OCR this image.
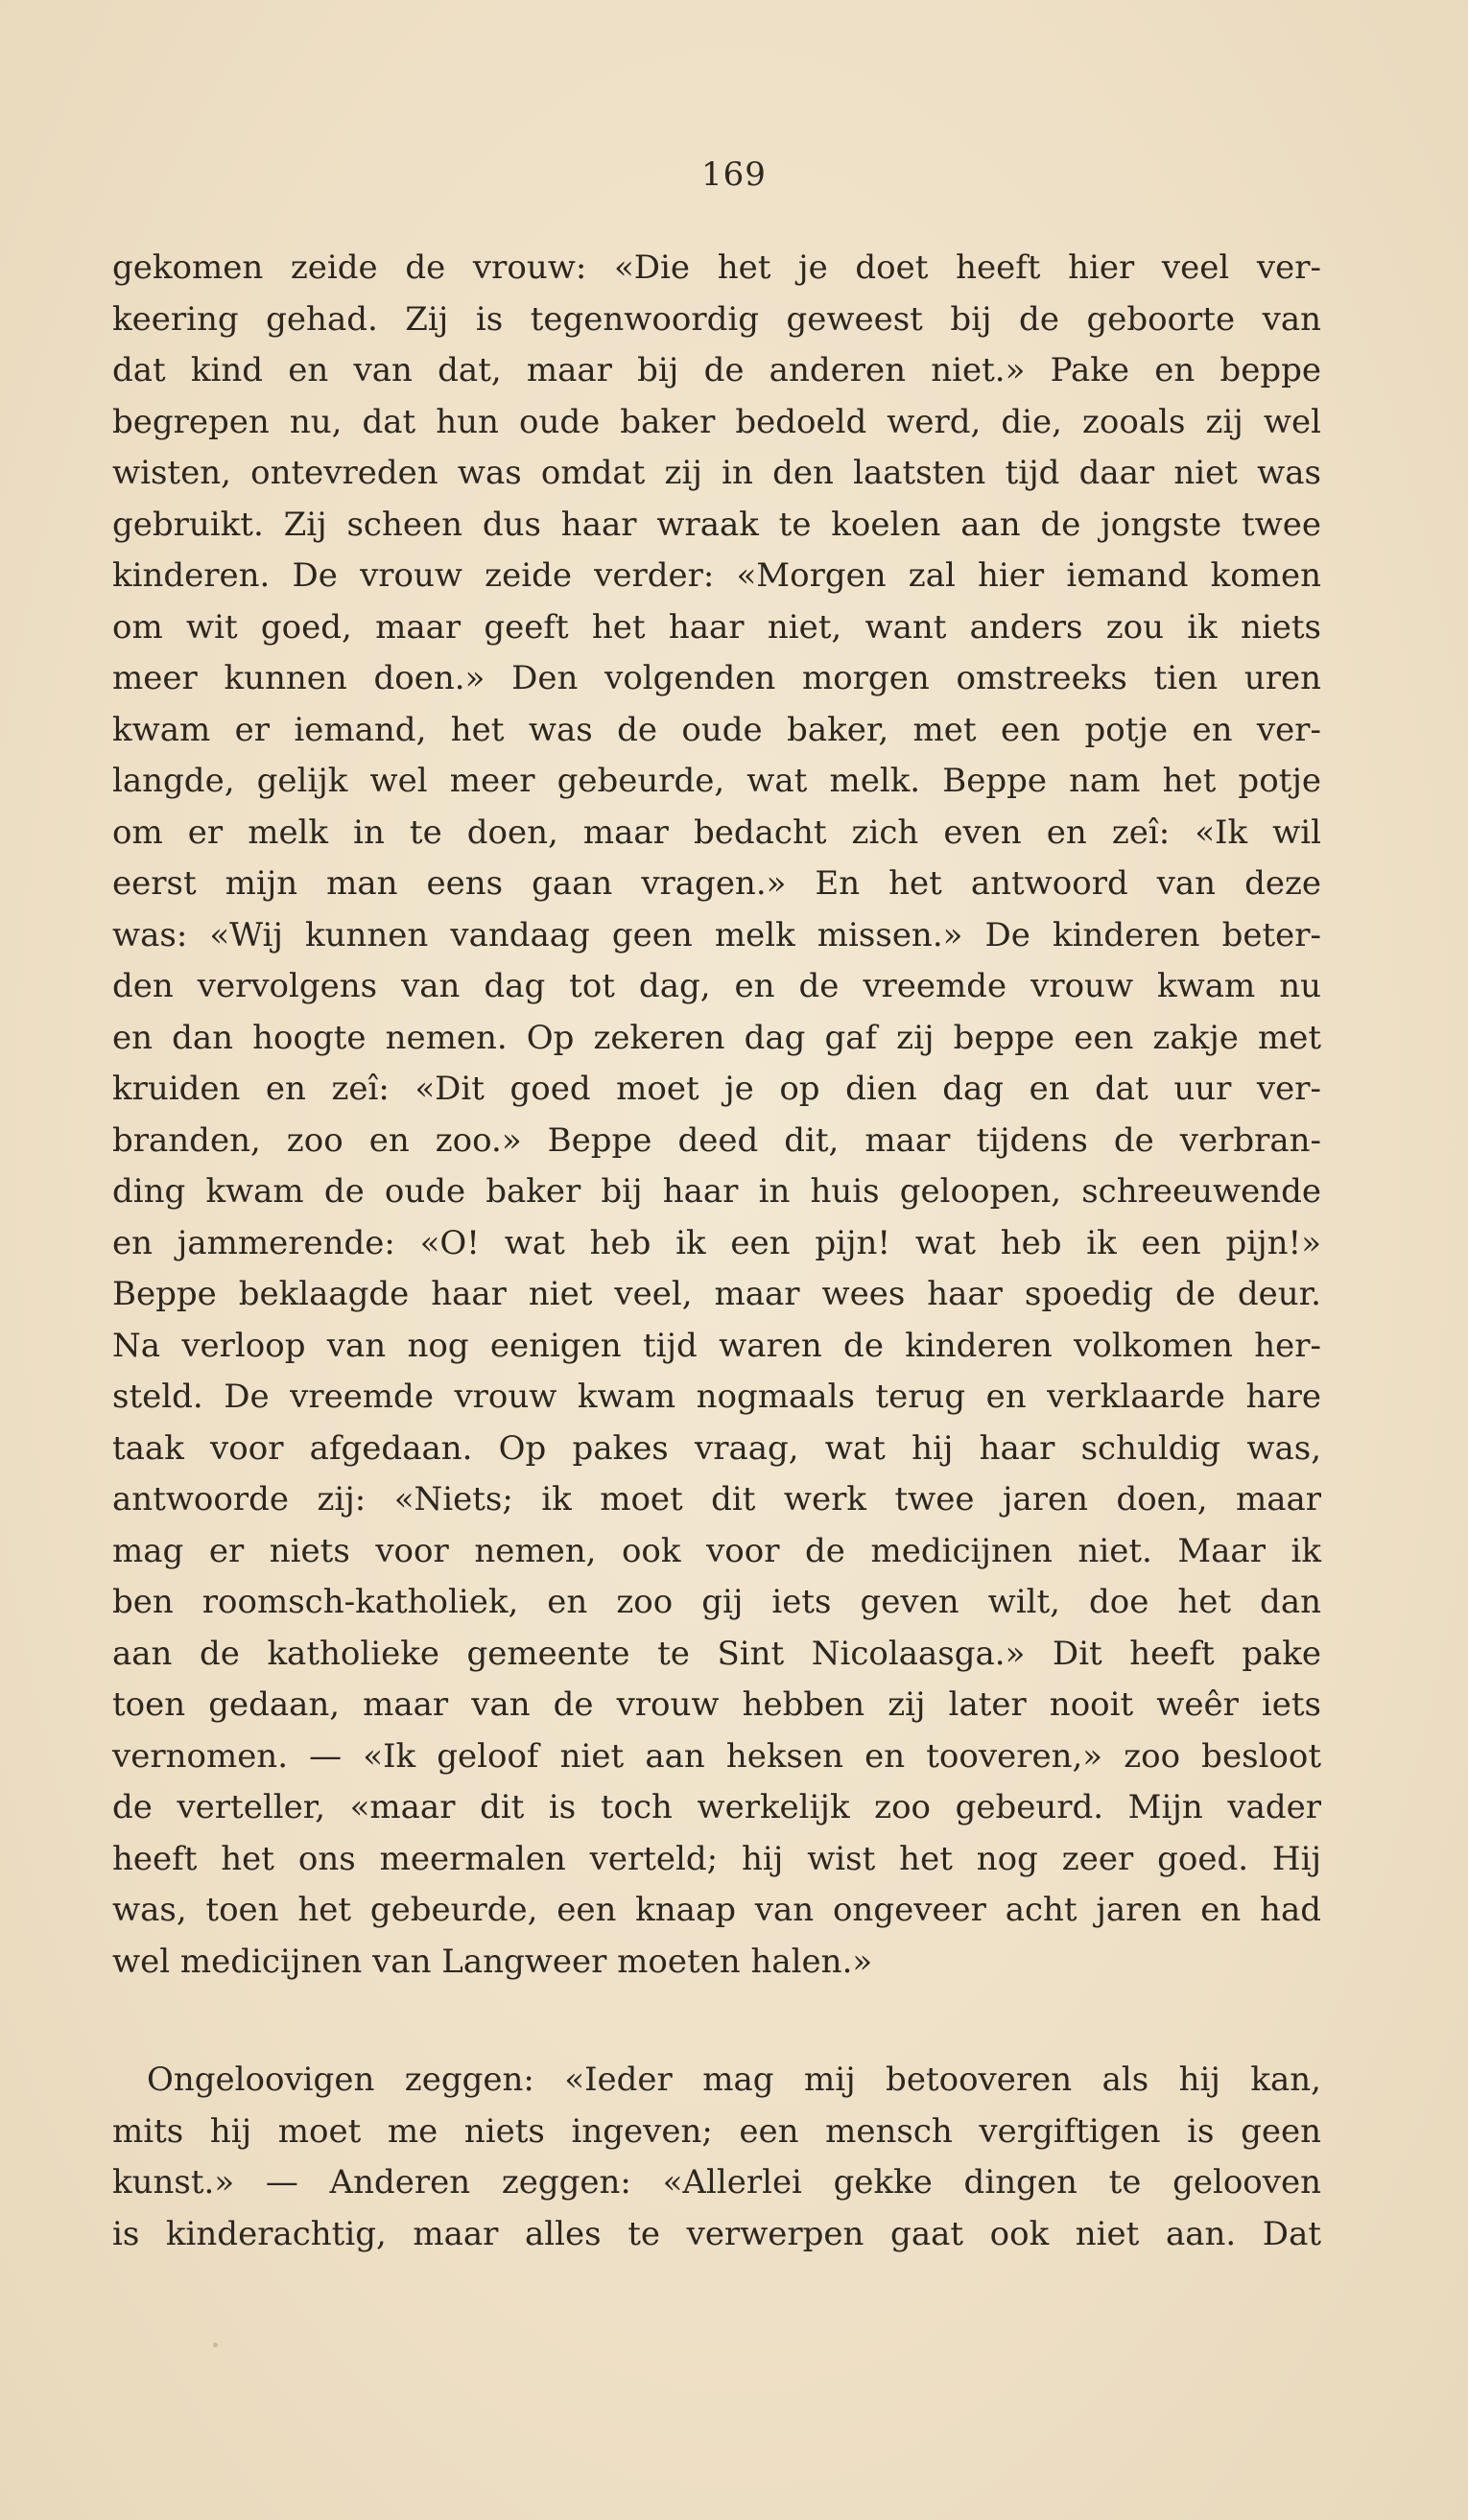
169
gekomen zeide de vrouw: «Die het je doet heeft hier veel ver-
keering gehad. Zij is tegenwoordig geweest bij de geboorte van
dat kind en van dat, maar bij de anderen niet.» Pake en beppe
begrepen nu, dat hun oude baker bedoeld werd, die, zooals zij wel
wisten, ontevreden was omdat zij in den laatsten tijd daar niet was
gebruikt. Zij scheen dus haar wraak te koelen aan de jongste twee
kinderen. De vrouw zeide verder: «Morgen zal hier iemand komen
om wit goed, maar geeft het haar niet, want anders zou ik niets
meer kunnen doen.» Den volgenden morgen omstreeks tien uren
kwam er iemand, het was de oude baker, met een potje en ver-
langde, gelijk wel meer gebeurde, wat melk. Beppe nam het potje
om er melk in te doen, maar bedacht zich even en zeî: «Ik wil
eerst mijn man eens gaan vragen.» En het antwoord van deze
was: «Wij kunnen vandaag geen melk missen.» De kinderen beter-
den vervolgens van dag tot dag, en de vreemde vrouw kwam nu
en dan hoogte nemen. Op zekeren dag gaf zij beppe een zakje met
kruiden en zeî: «Dit goed moet je op dien dag en dat uur ver-
branden, zoo en zoo.» Beppe deed dit, maar tijdens de verbran-
ding kwam de oude baker bij haar in huis geloopen, schreeuwende
en jammerende: «O! wat heb ik een pijn! wat heb ik een pijn!»
Beppe beklaagde haar niet veel, maar wees haar spoedig de deur.
Na verloop van nog eenigen tijd waren de kinderen volkomen her-
steld. De vreemde vrouw kwam nogmaals terug en verklaarde hare
taak voor afgedaan. Op pakes vraag, wat hij haar schuldig was,
antwoorde zij: «Niets; ik moet dit werk twee jaren doen, maar
mag er niets voor nemen, ook voor de medicijnen niet. Maar ik
ben roomsch-katholiek, en zoo gij iets geven wilt, doe het dan
aan de katholieke gemeente te Sint Nicolaasga.» Dit heeft pake
toen gedaan, maar van de vrouw hebben zij later nooit weêr iets
vernomen. — «Ik geloof niet aan heksen en tooveren,» zoo besloot
de verteller, «maar dit is toch werkelijk zoo gebeurd. Mijn vader
heeft het ons meermalen verteld; hij wist het nog zeer goed. Hij
was, toen het gebeurde, een knaap van ongeveer acht jaren en had
wel medicijnen van Langweer moeten halen.»
Ongeloovigen zeggen: «Ieder mag mij betooveren als hij kan,
mits hij moet me niets ingeven; een mensch vergiftigen is geen
kunst.» — Anderen zeggen: «Allerlei gekke dingen te gelooven
is kinderachtig, maar alles te verwerpen gaat ook niet aan. Dat
